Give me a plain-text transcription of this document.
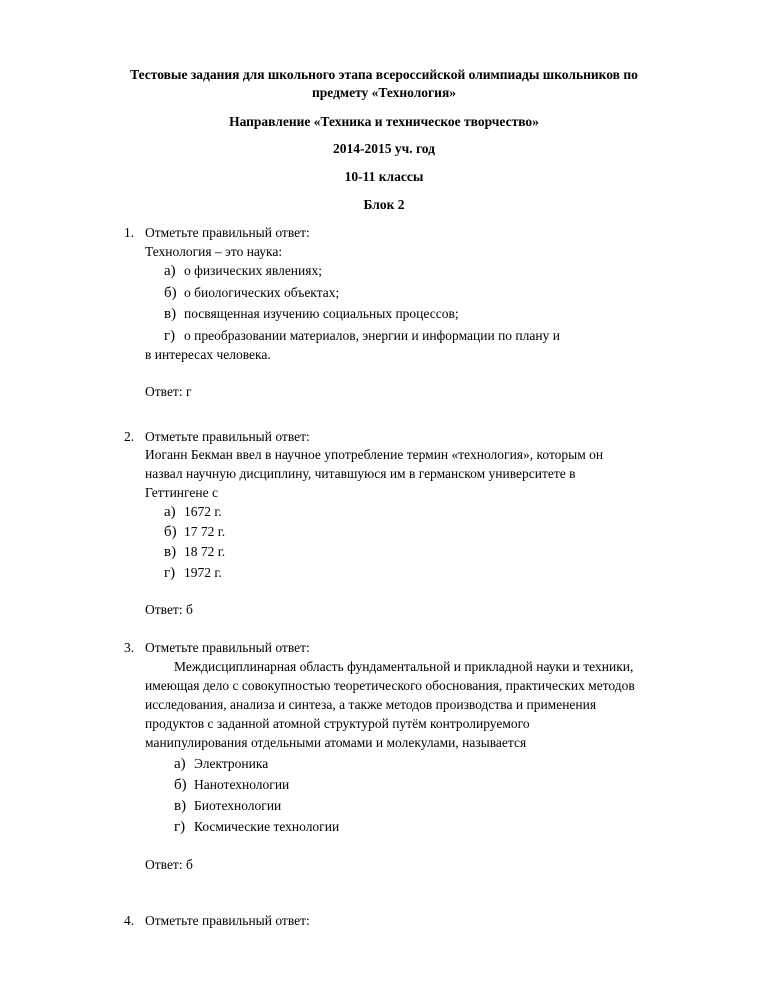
Тестовые задания для школьного этапа всероссийской олимпиады школьников по
предмету «Технология»
Направление «Техника и техническое творчество»
2014-2015 уч. год
10-11 классы
Блок 2
1. Отметьте правильный ответ:
Технология – это наука:
а) о физических явлениях;
б) о биологических объектах;
в) посвященная изучению социальных процессов;
г) о преобразовании материалов, энергии и информации по плану и
в интересах человека.
Ответ: г
2. Отметьте правильный ответ:
Иоганн Бекман ввел в научное употребление термин «технология», которым он
назвал научную дисциплину, читавшуюся им в германском университете в
Геттингене с
а) 1672 г.
б) 17 72 г.
в) 18 72 г.
г) 1972 г.
Ответ: б
3. Отметьте правильный ответ:
Междисциплинарная область фундаментальной и прикладной науки и техники,
имеющая дело с совокупностью теоретического обоснования, практических методов
исследования, анализа и синтеза, а также методов производства и применения
продуктов с заданной атомной структурой путём контролируемого
манипулирования отдельными атомами и молекулами, называется
а) Электроника
б) Нанотехнологии
в) Биотехнологии
г) Космические технологии
Ответ: б
4. Отметьте правильный ответ:
